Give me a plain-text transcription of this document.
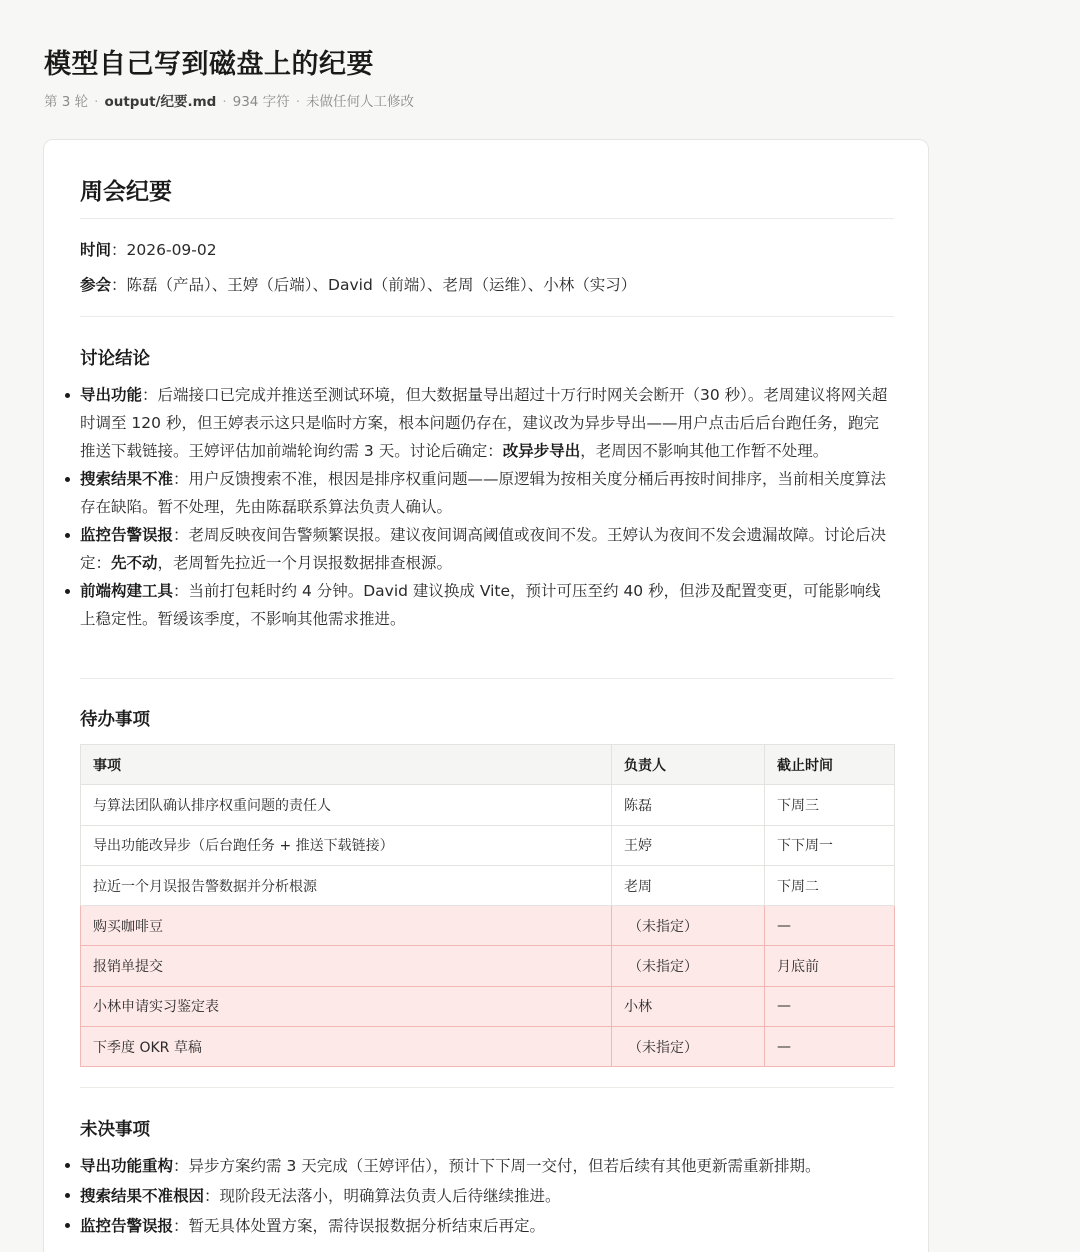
模型自己写到磁盘上的纪要
第 3 轮 · output/纪要.md · 934 字符 · 未做任何人工修改
周会纪要
时间：2026-09-02
参会：陈磊（产品）、王婷（后端）、David（前端）、老周（运维）、小林（实习）
讨论结论
导出功能：后端接口已完成并推送至测试环境，但大数据量导出超过十万行时网关会断开（30 秒）。老周建议将网关超时调至 120 秒，但王婷表示这只是临时方案，根本问题仍存在，建议改为异步导出——用户点击后后台跑任务，跑完推送下载链接。王婷评估加前端轮询约需 3 天。讨论后确定：改异步导出，老周因不影响其他工作暂不处理。
搜索结果不准：用户反馈搜索不准，根因是排序权重问题——原逻辑为按相关度分桶后再按时间排序，当前相关度算法存在缺陷。暂不处理，先由陈磊联系算法负责人确认。
监控告警误报：老周反映夜间告警频繁误报。建议夜间调高阈值或夜间不发。王婷认为夜间不发会遗漏故障。讨论后决定：先不动，老周暂先拉近一个月误报数据排查根源。
前端构建工具：当前打包耗时约 4 分钟。David 建议换成 Vite，预计可压至约 40 秒，但涉及配置变更，可能影响线上稳定性。暂缓该季度，不影响其他需求推进。
待办事项
事项	负责人	截止时间
与算法团队确认排序权重问题的责任人	陈磊	下周三
导出功能改异步（后台跑任务 + 推送下载链接）	王婷	下下周一
拉近一个月误报告警数据并分析根源	老周	下周二
购买咖啡豆	（未指定）	—
报销单提交	（未指定）	月底前
小林申请实习鉴定表	小林	—
下季度 OKR 草稿	（未指定）	—
未决事项
导出功能重构：异步方案约需 3 天完成（王婷评估），预计下下周一交付，但若后续有其他更新需重新排期。
搜索结果不准根因：现阶段无法落小，明确算法负责人后待继续推进。
监控告警误报：暂无具体处置方案，需待误报数据分析结束后再定。
